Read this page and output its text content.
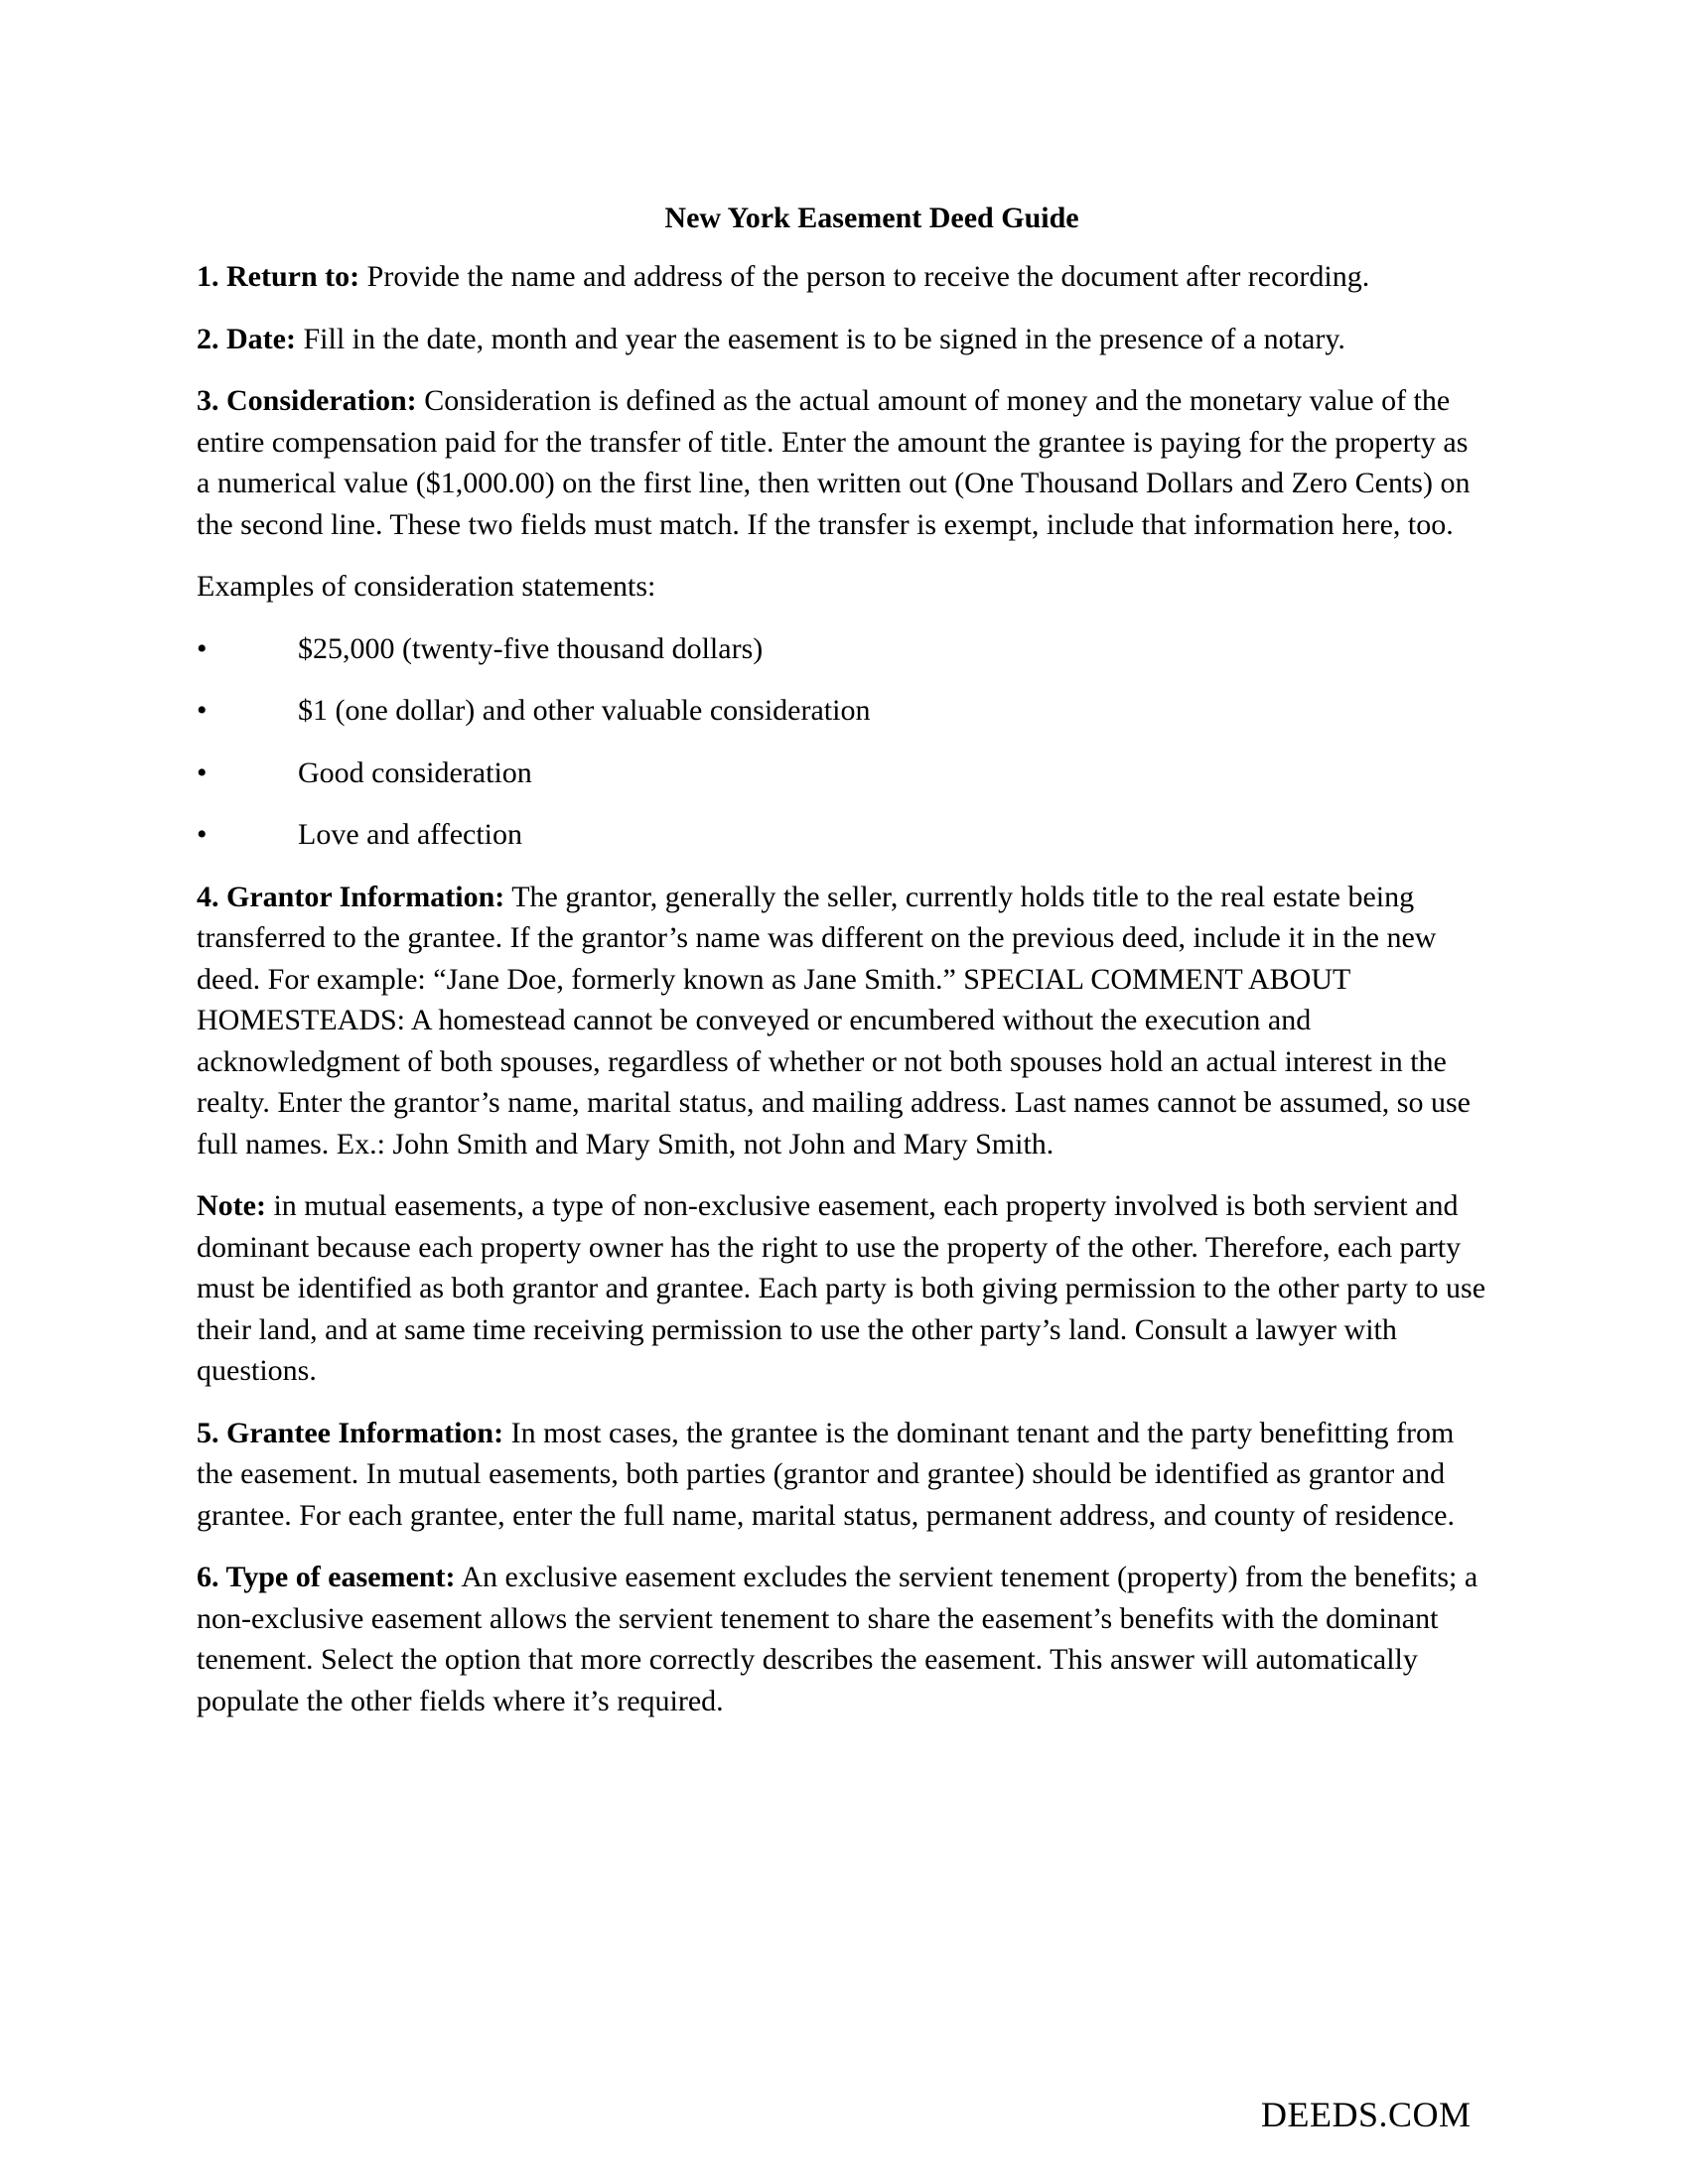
New York Easement Deed Guide

1. Return to: Provide the name and address of the person to receive the document after recording.

2. Date: Fill in the date, month and year the easement is to be signed in the presence of a notary.

3. Consideration: Consideration is defined as the actual amount of money and the monetary value of the entire compensation paid for the transfer of title. Enter the amount the grantee is paying for the property as a numerical value ($1,000.00) on the first line, then written out (One Thousand Dollars and Zero Cents) on the second line. These two fields must match. If the transfer is exempt, include that information here, too.

Examples of consideration statements:

•	$25,000 (twenty-five thousand dollars)
•	$1 (one dollar) and other valuable consideration
•	Good consideration
•	Love and affection

4. Grantor Information: The grantor, generally the seller, currently holds title to the real estate being transferred to the grantee. If the grantor’s name was different on the previous deed, include it in the new deed. For example: “Jane Doe, formerly known as Jane Smith.” SPECIAL COMMENT ABOUT HOMESTEADS: A homestead cannot be conveyed or encumbered without the execution and acknowledgment of both spouses, regardless of whether or not both spouses hold an actual interest in the realty. Enter the grantor’s name, marital status, and mailing address. Last names cannot be assumed, so use full names. Ex.: John Smith and Mary Smith, not John and Mary Smith.

Note: in mutual easements, a type of non-exclusive easement, each property involved is both servient and dominant because each property owner has the right to use the property of the other. Therefore, each party must be identified as both grantor and grantee. Each party is both giving permission to the other party to use their land, and at same time receiving permission to use the other party’s land. Consult a lawyer with questions.

5. Grantee Information: In most cases, the grantee is the dominant tenant and the party benefitting from the easement. In mutual easements, both parties (grantor and grantee) should be identified as grantor and grantee. For each grantee, enter the full name, marital status, permanent address, and county of residence.

6. Type of easement: An exclusive easement excludes the servient tenement (property) from the benefits; a non-exclusive easement allows the servient tenement to share the easement’s benefits with the dominant tenement. Select the option that more correctly describes the easement. This answer will automatically populate the other fields where it’s required.

DEEDS.COM
